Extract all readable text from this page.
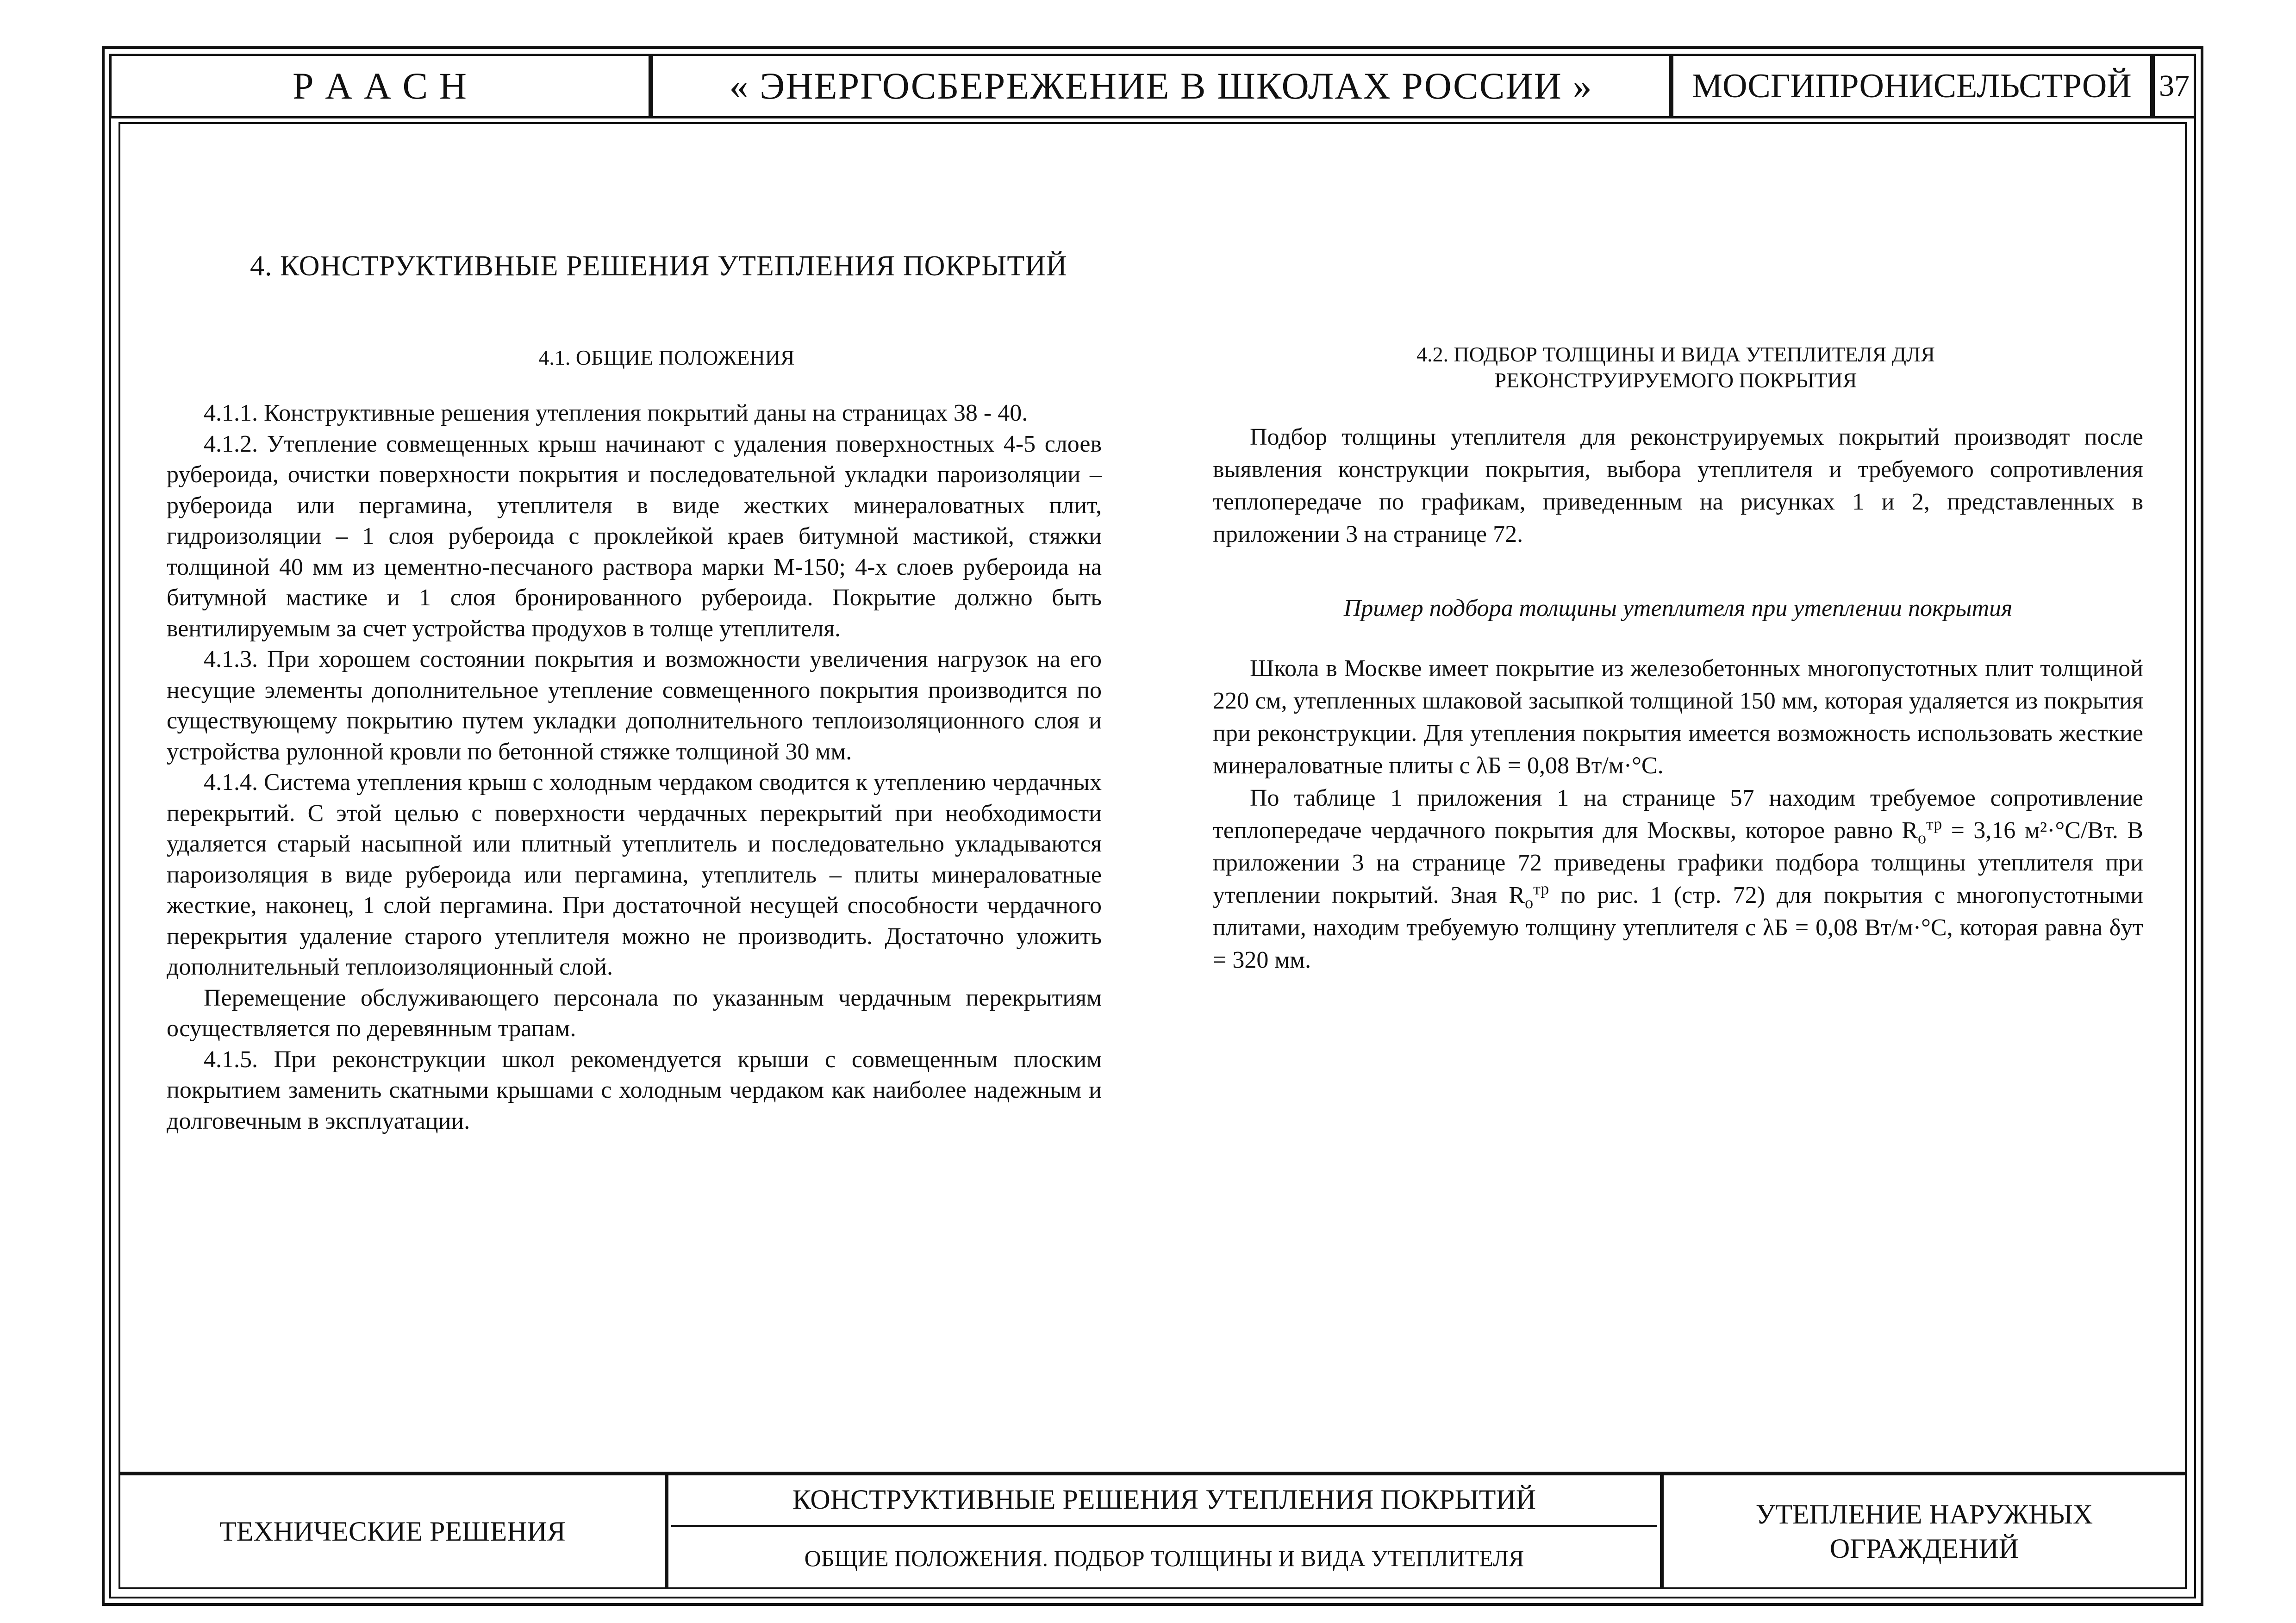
Р А А С Н	« ЭНЕРГОСБЕРЕЖЕНИЕ В ШКОЛАХ РОССИИ »	МОСГИПРОНИСЕЛЬСТРОЙ 37
4. КОНСТРУКТИВНЫЕ РЕШЕНИЯ УТЕПЛЕНИЯ ПОКРЫТИЙ
4.1. ОБЩИЕ ПОЛОЖЕНИЯ

4.1.1. Конструктивные решения утепления покрытий даны на страницах 38 - 40.

4.1.2. Утепление совмещенных крыш начинают с удаления поверхностных 4-5 слоев рубероида, очистки поверхности покрытия и последовательной укладки пароизоляции – рубероида или пергамина, утеплителя в виде жестких минераловатных плит, гидроизоляции – 1 слоя рубероида с проклейкой краев битумной мастикой, стяжки толщиной 40 мм из цементно-песчаного раствора марки М-150; 4-х слоев рубероида на битумной мастике и 1 слоя бронированного рубероида. Покрытие должно быть вентилируемым за счет устройства продухов в толще утеплителя.

4.1.3. При хорошем состоянии покрытия и возможности увеличения нагрузок на его несущие элементы дополнительное утепление совмещенного покрытия производится по существующему покрытию путем укладки дополнительного теплоизоляционного слоя и устройства рулонной кровли по бетонной стяжке толщиной 30 мм.

4.1.4. Система утепления крыш с холодным чердаком сводится к утеплению чердачных перекрытий. С этой целью с поверхности чердачных перекрытий при необходимости удаляется старый насыпной или плитный утеплитель и последовательно укладываются пароизоляция в виде рубероида или пергамина, утеплитель – плиты минераловатные жесткие, наконец, 1 слой пергамина. При достаточной несущей способности чердачного перекрытия удаление старого утеплителя можно не производить. Достаточно уложить дополнительный теплоизоляционный слой.

Перемещение обслуживающего персонала по указанным чердачным перекрытиям осуществляется по деревянным трапам.

4.1.5. При реконструкции школ рекомендуется крыши с совмещенным плоским покрытием заменить скатными крышами с холодным чердаком как наиболее надежным и долговечным в эксплуатации.

4.2. ПОДБОР ТОЛЩИНЫ И ВИДА УТЕПЛИТЕЛЯ ДЛЯ
РЕКОНСТРУИРУЕМОГО ПОКРЫТИЯ

Подбор толщины утеплителя для реконструируемых покрытий производят после выявления конструкции покрытия, выбора утеплителя и требуемого сопротивления теплопередаче по графикам, приведенным на рисунках 1 и 2, представленных в приложении 3 на странице 72.

Пример подбора толщины утеплителя при утеплении покрытия

Школа в Москве имеет покрытие из железобетонных многопустотных плит толщиной 220 см, утепленных шлаковой засыпкой толщиной 150 мм, которая удаляется из покрытия при реконструкции. Для утепления покрытия имеется возможность использовать жесткие минераловатные плиты с λБ = 0,08 Вт/м·°С.

По таблице 1 приложения 1 на странице 57 находим требуемое сопротивление теплопередаче чердачного покрытия для Москвы, которое равно $R_o^{тр} = 3,16$ м²·°С/Вт. В приложении 3 на странице 72 приведены графики подбора толщины утеплителя при утеплении покрытий. Зная $R_o^{тр}$ по рис. 1 (стр. 72) для покрытия с многопустотными плитами, находим требуемую толщину утеплителя с λБ = 0,08 Вт/м·°С, которая равна δут = 320 мм.

ТЕХНИЧЕСКИЕ РЕШЕНИЯ
КОНСТРУКТИВНЫЕ РЕШЕНИЯ УТЕПЛЕНИЯ ПОКРЫТИЙ
ОБЩИЕ ПОЛОЖЕНИЯ. ПОДБОР ТОЛЩИНЫ И ВИДА УТЕПЛИТЕЛЯ
УТЕПЛЕНИЕ НАРУЖНЫХ
ОГРАЖДЕНИЙ
